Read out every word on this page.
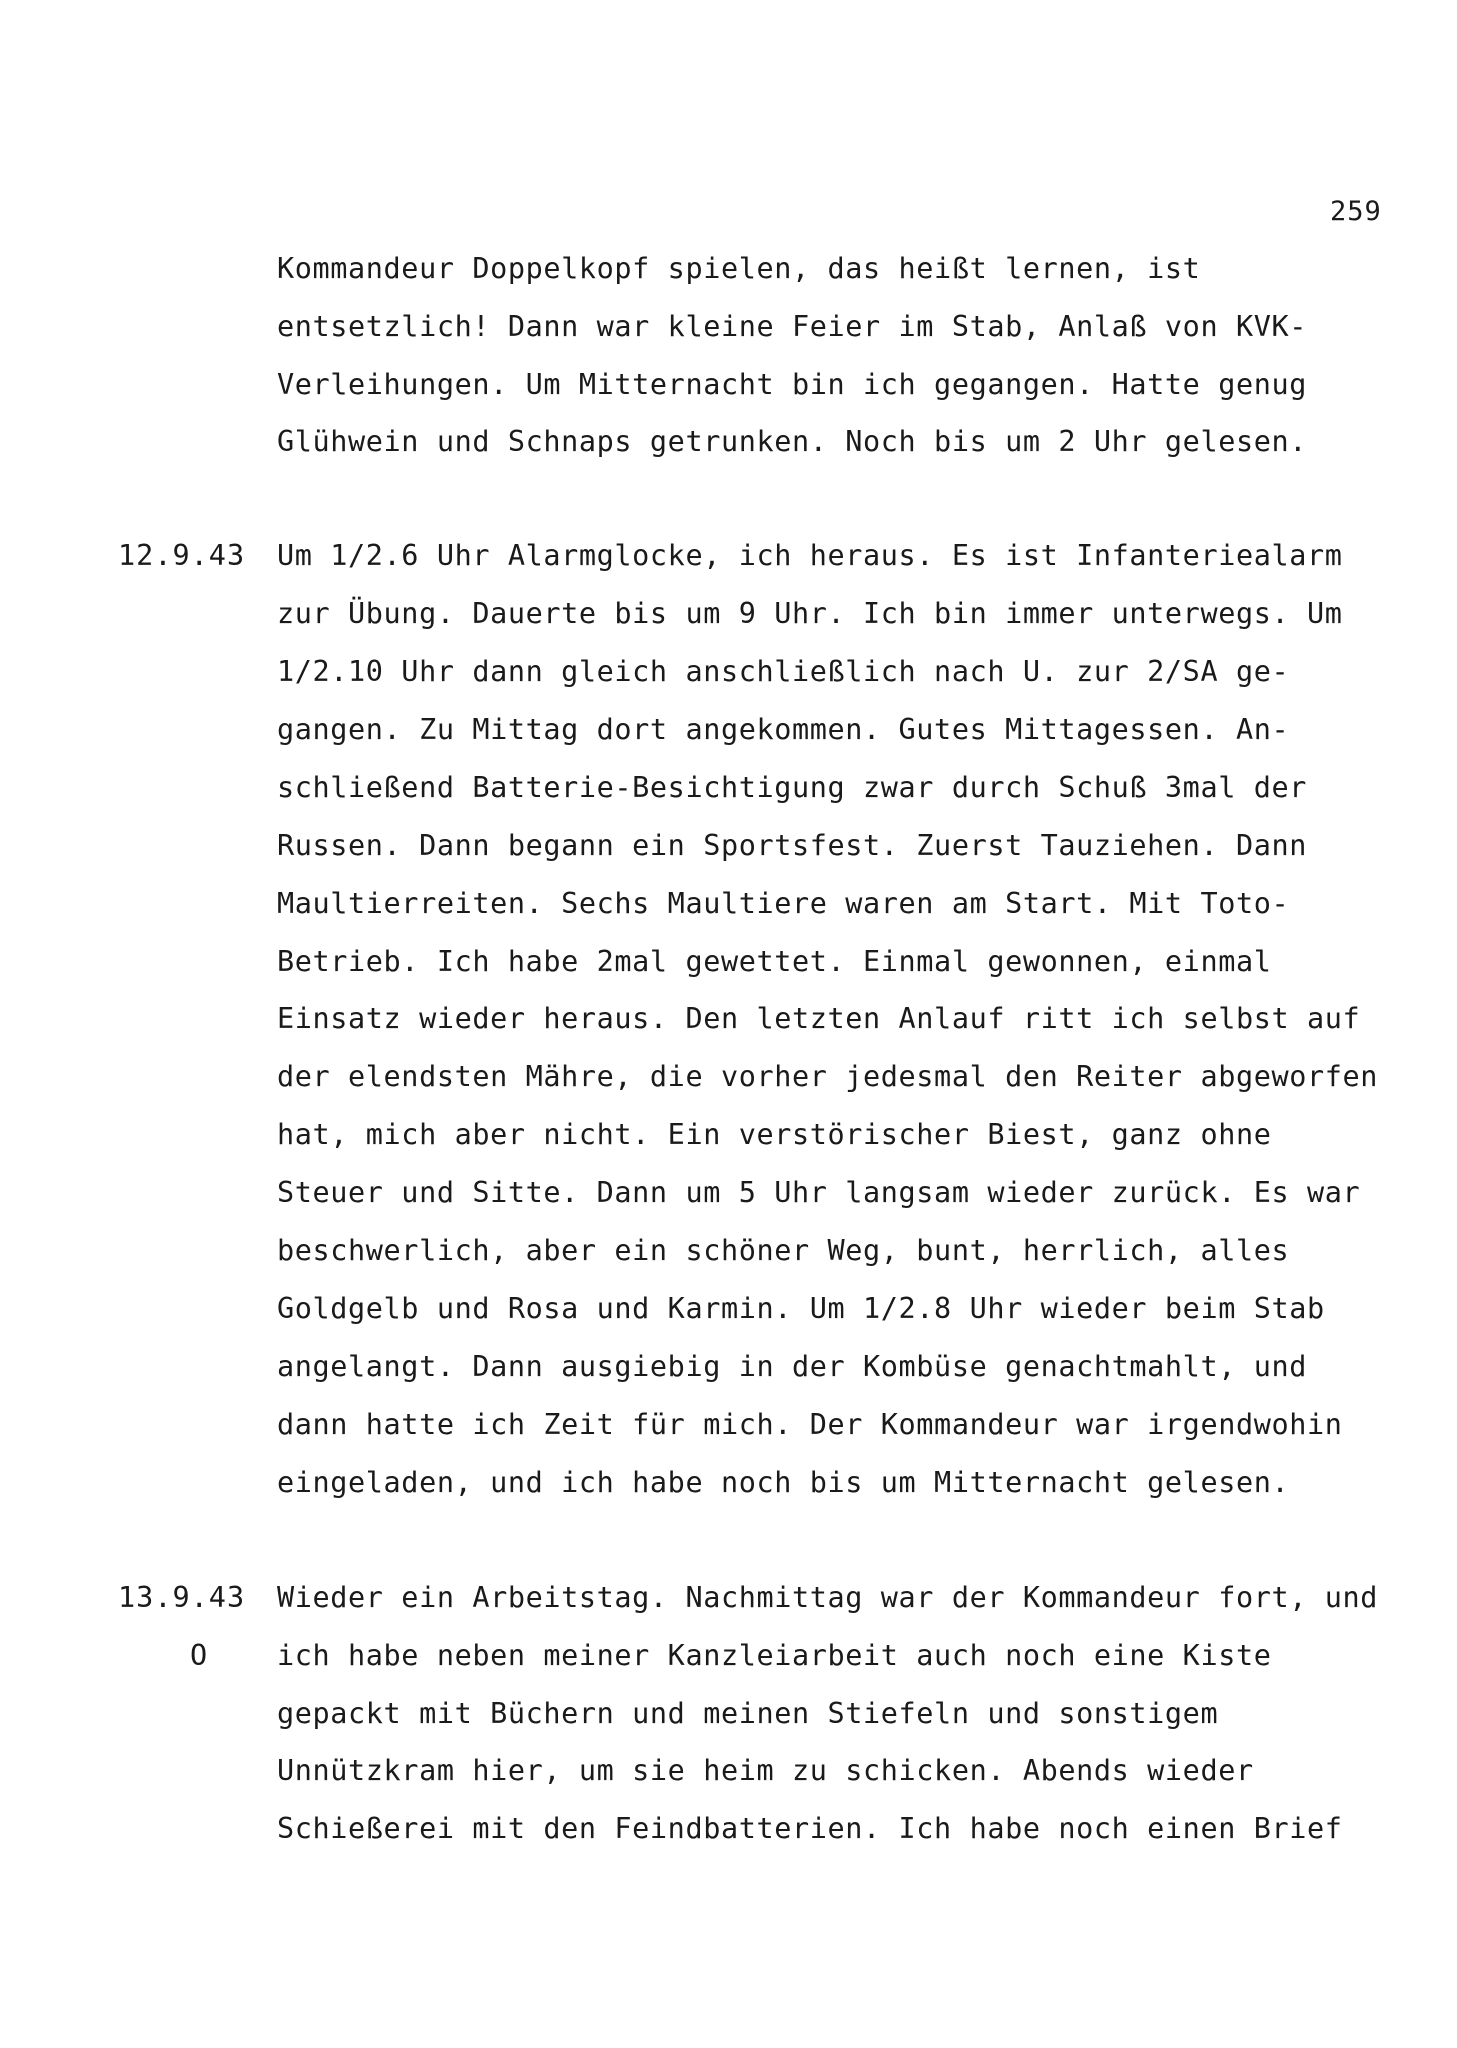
259
Kommandeur Doppelkopf spielen, das heißt lernen, ist
entsetzlich! Dann war kleine Feier im Stab, Anlaß von KVK-
Verleihungen. Um Mitternacht bin ich gegangen. Hatte genug
Glühwein und Schnaps getrunken. Noch bis um 2 Uhr gelesen.
12.9.43 Um 1/2.6 Uhr Alarmglocke, ich heraus. Es ist Infanteriealarm
zur Übung. Dauerte bis um 9 Uhr. Ich bin immer unterwegs. Um
1/2.10 Uhr dann gleich anschließlich nach U. zur 2/SA ge-
gangen. Zu Mittag dort angekommen. Gutes Mittagessen. An-
schließend Batterie-Besichtigung zwar durch Schuß 3mal der
Russen. Dann begann ein Sportsfest. Zuerst Tauziehen. Dann
Maultierreiten. Sechs Maultiere waren am Start. Mit Toto-
Betrieb. Ich habe 2mal gewettet. Einmal gewonnen, einmal
Einsatz wieder heraus. Den letzten Anlauf ritt ich selbst auf
der elendsten Mähre, die vorher jedesmal den Reiter abgeworfen
hat, mich aber nicht. Ein verstörischer Biest, ganz ohne
Steuer und Sitte. Dann um 5 Uhr langsam wieder zurück. Es war
beschwerlich, aber ein schöner Weg, bunt, herrlich, alles
Goldgelb und Rosa und Karmin. Um 1/2.8 Uhr wieder beim Stab
angelangt. Dann ausgiebig in der Kombüse genachtmahlt, und
dann hatte ich Zeit für mich. Der Kommandeur war irgendwohin
eingeladen, und ich habe noch bis um Mitternacht gelesen.
13.9.43
O
Wieder ein Arbeitstag. Nachmittag war der Kommandeur fort, und
ich habe neben meiner Kanzleiarbeit auch noch eine Kiste
gepackt mit Büchern und meinen Stiefeln und sonstigem
Unnützkram hier, um sie heim zu schicken. Abends wieder
Schießerei mit den Feindbatterien. Ich habe noch einen Brief
